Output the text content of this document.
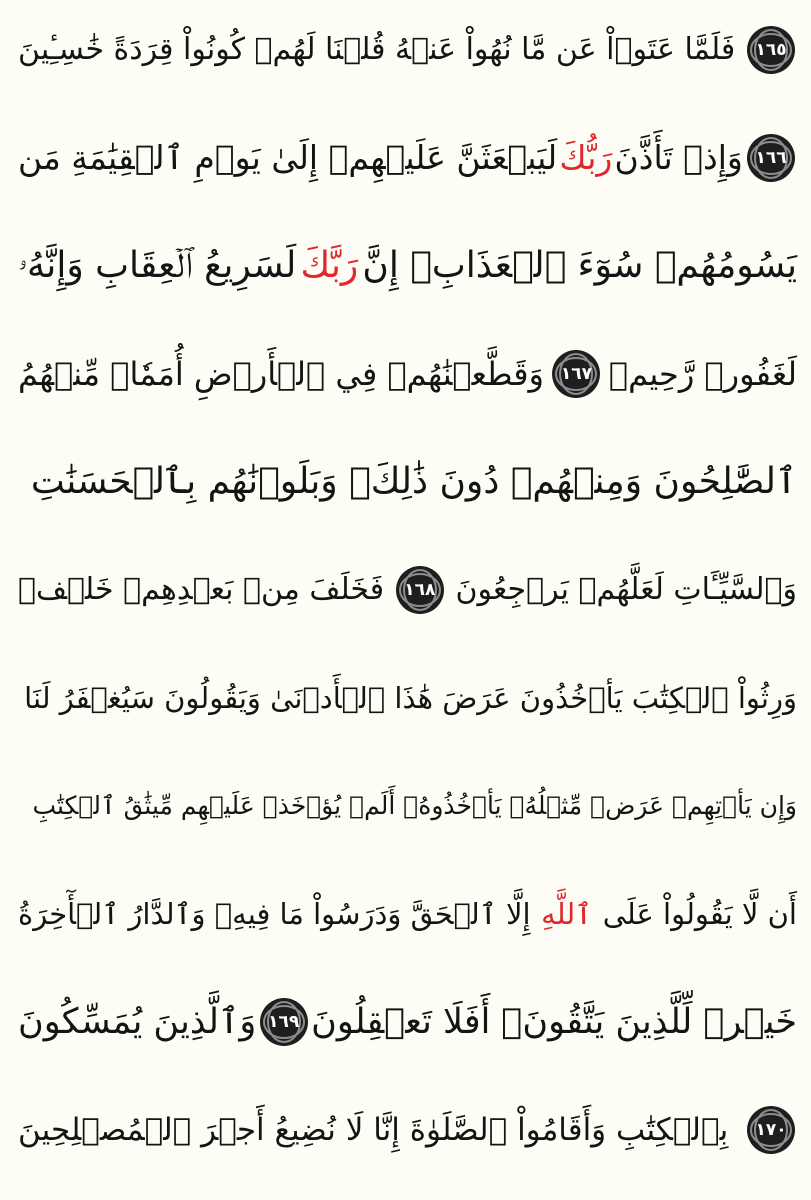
١٦٥
فَلَمَّا عَتَوۡاْ عَن مَّا نُهُواْ عَنۡهُ قُلۡنَا لَهُمۡ كُونُواْ قِرَدَةً خَٰسِـِٔينَ
١٦٦
وَإِذۡ تَأَذَّنَ
رَبُّكَ
لَيَبۡعَثَنَّ عَلَيۡهِمۡ إِلَىٰ يَوۡمِ ٱلۡقِيَٰمَةِ مَن
يَسُومُهُمۡ سُوٓءَ ٱلۡعَذَابِۗ إِنَّ
رَبَّكَ
لَسَرِيعُ ٱلۡعِقَابِ وَإِنَّهُۥ
لَغَفُورٞ رَّحِيمٞ
١٦٧
وَقَطَّعۡنَٰهُمۡ فِي ٱلۡأَرۡضِ أُمَمٗاۖ مِّنۡهُمُ
ٱلصَّٰلِحُونَ وَمِنۡهُمۡ دُونَ ذَٰلِكَۖ وَبَلَوۡنَٰهُم بِٱلۡحَسَنَٰتِ
وَٱلسَّيِّـَٔاتِ لَعَلَّهُمۡ يَرۡجِعُونَ
١٦٨
فَخَلَفَ مِنۢ بَعۡدِهِمۡ خَلۡفٞ
وَرِثُواْ ٱلۡكِتَٰبَ يَأۡخُذُونَ عَرَضَ هَٰذَا ٱلۡأَدۡنَىٰ وَيَقُولُونَ سَيُغۡفَرُ لَنَا
وَإِن يَأۡتِهِمۡ عَرَضٞ مِّثۡلُهُۥ يَأۡخُذُوهُۚ أَلَمۡ يُؤۡخَذۡ عَلَيۡهِم مِّيثَٰقُ ٱلۡكِتَٰبِ
أَن لَّا يَقُولُواْ عَلَى
ٱللَّهِ
إِلَّا ٱلۡحَقَّ وَدَرَسُواْ مَا فِيهِۗ وَٱلدَّارُ ٱلۡأٓخِرَةُ
خَيۡرٞ لِّلَّذِينَ يَتَّقُونَۚ أَفَلَا تَعۡقِلُونَ
١٦٩
وَٱلَّذِينَ يُمَسِّكُونَ
١٧٠
بِٱلۡكِتَٰبِ وَأَقَامُواْ ٱلصَّلَوٰةَ إِنَّا لَا نُضِيعُ أَجۡرَ ٱلۡمُصۡلِحِينَ
